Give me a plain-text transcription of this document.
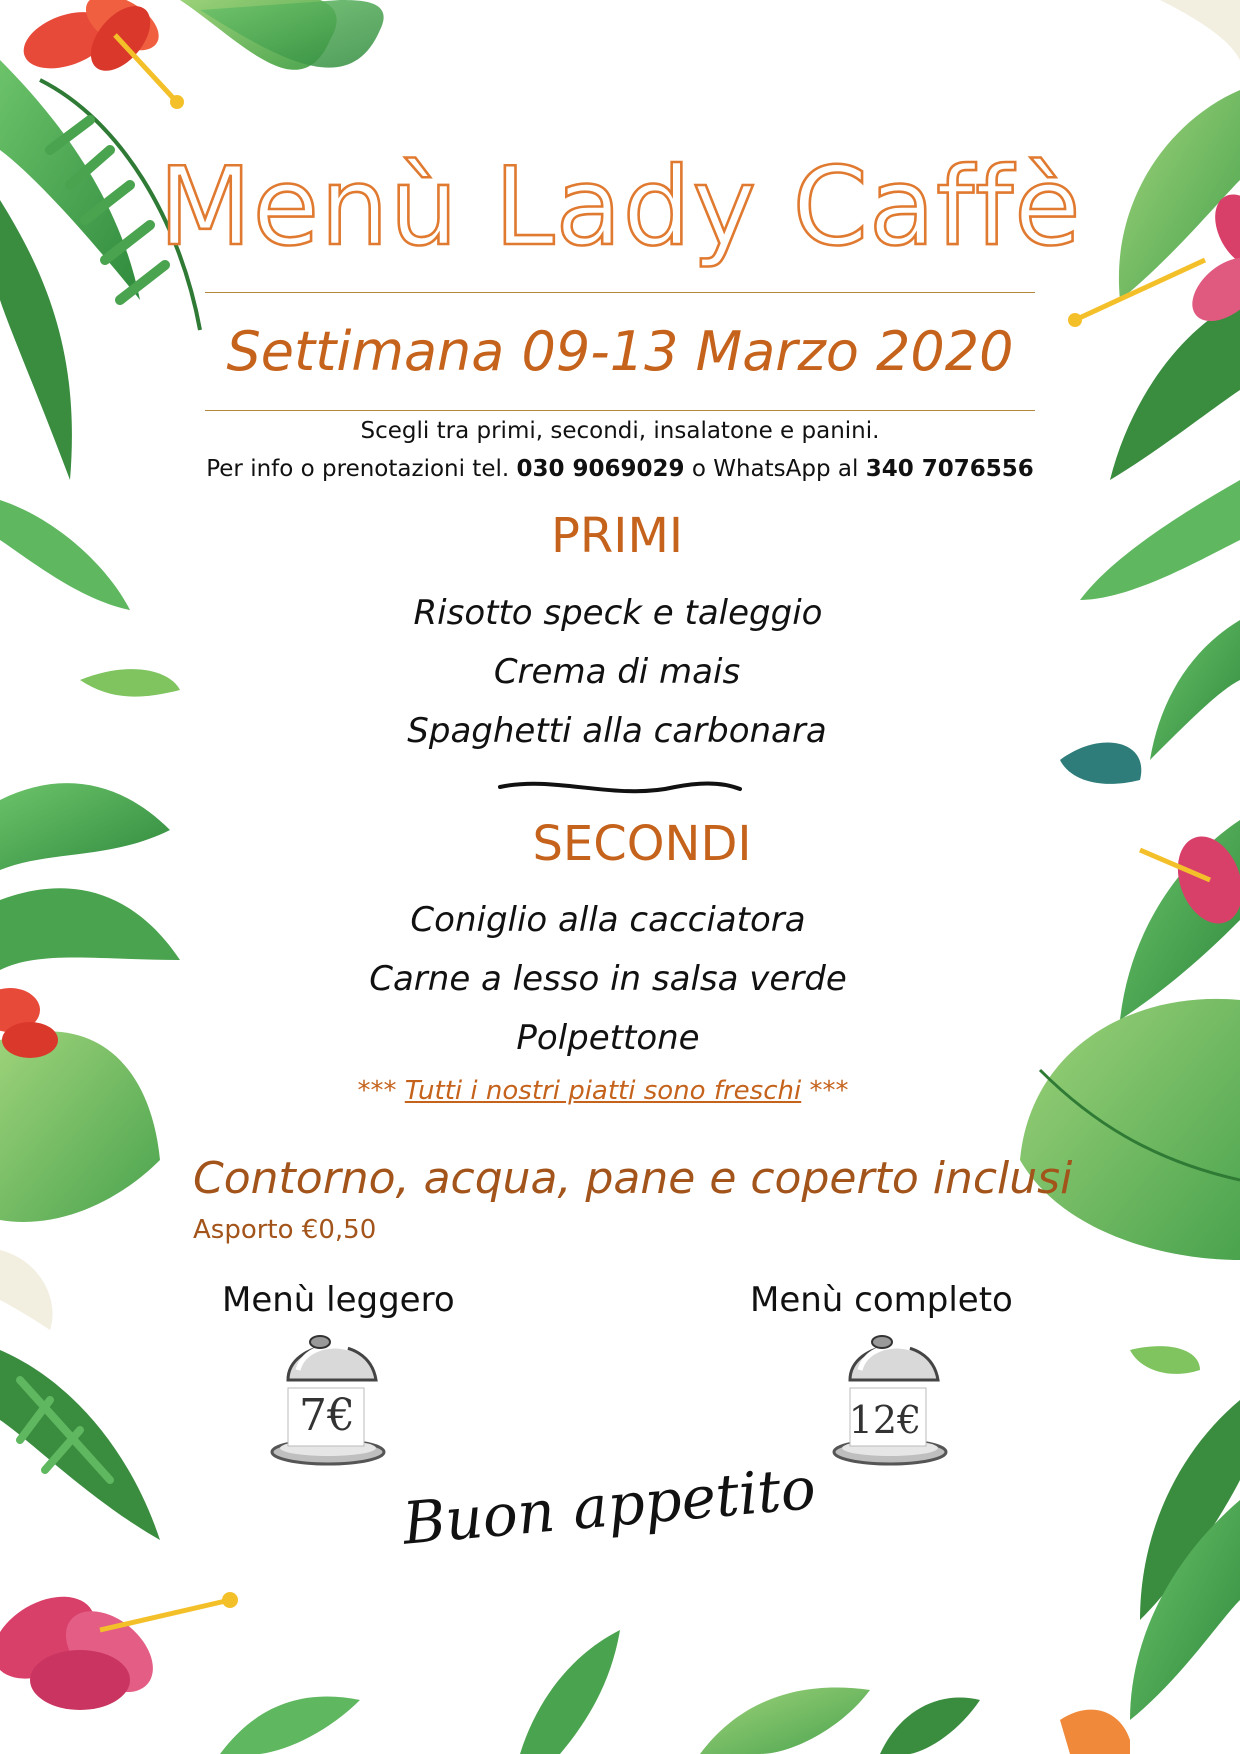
Menù Lady Caffè
Settimana 09-13 Marzo 2020
Scegli tra primi, secondi, insalatone e panini.
Per info o prenotazioni tel. 030 9069029 o WhatsApp al 340 7076556
PRIMI
Risotto speck e taleggio
Crema di mais
Spaghetti alla carbonara
SECONDI
Coniglio alla cacciatora
Carne a lesso in salsa verde
Polpettone
*** Tutti i nostri piatti sono freschi ***
Contorno, acqua, pane e coperto inclusi
Asporto €0,50
Menù leggero	Menù completo
7€	12€
Buon appetito
